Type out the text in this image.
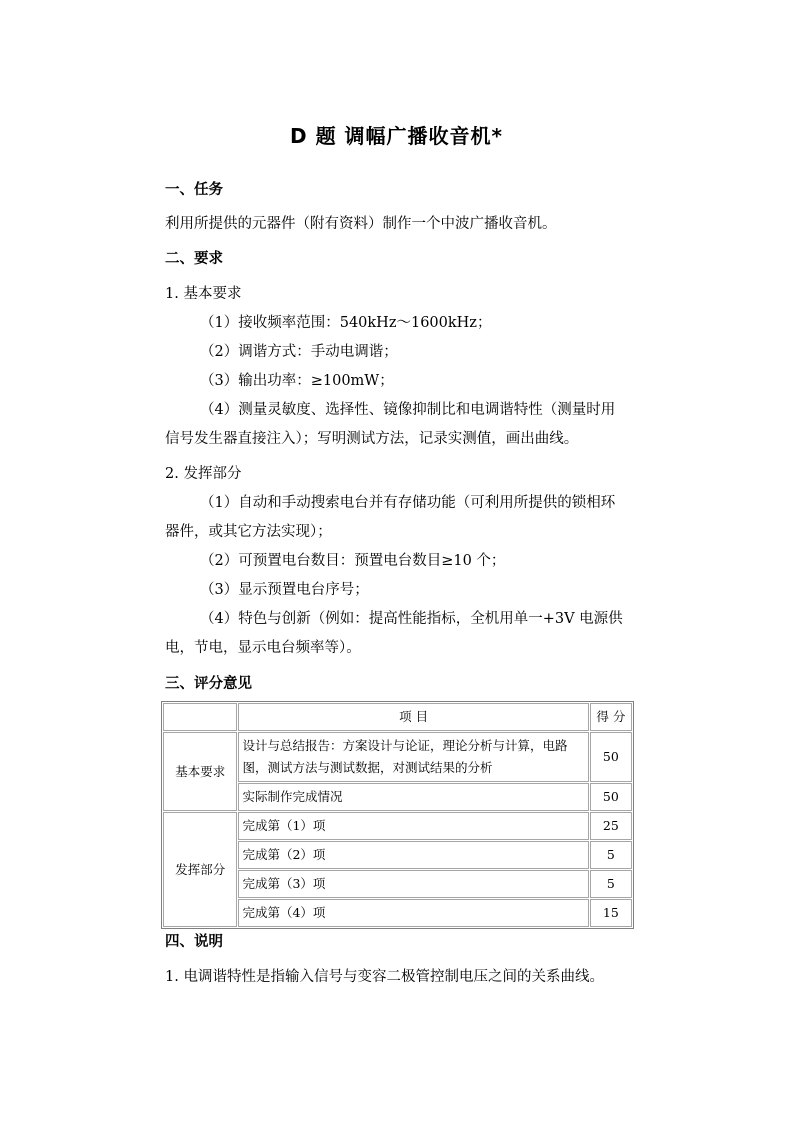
D 题 调幅广播收音机*
一、任务
利用所提供的元器件（附有资料）制作一个中波广播收音机。
二、要求
1. 基本要求
（1）接收频率范围：540kHz～1600kHz；
（2）调谐方式：手动电调谐；
（3）输出功率：≥100mW；
（4）测量灵敏度、选择性、镜像抑制比和电调谐特性（测量时用
信号发生器直接注入）；写明测试方法，记录实测值，画出曲线。
2. 发挥部分
（1）自动和手动搜索电台并有存储功能（可利用所提供的锁相环
器件，或其它方法实现）；
（2）可预置电台数目：预置电台数目≥10 个；
（3）显示预置电台序号；
（4）特色与创新（例如：提高性能指标，全机用单一+3V 电源供
电，节电，显示电台频率等）。
三、评分意见
	项 目	得 分
基本要求	设计与总结报告：方案设计与论证，理论分析与计算，电路图，测试方法与测试数据，对测试结果的分析	50
	实际制作完成情况	50
发挥部分	完成第（1）项	25
	完成第（2）项	5
	完成第（3）项	5
	完成第（4）项	15
四、说明
1. 电调谐特性是指输入信号与变容二极管控制电压之间的关系曲线。
